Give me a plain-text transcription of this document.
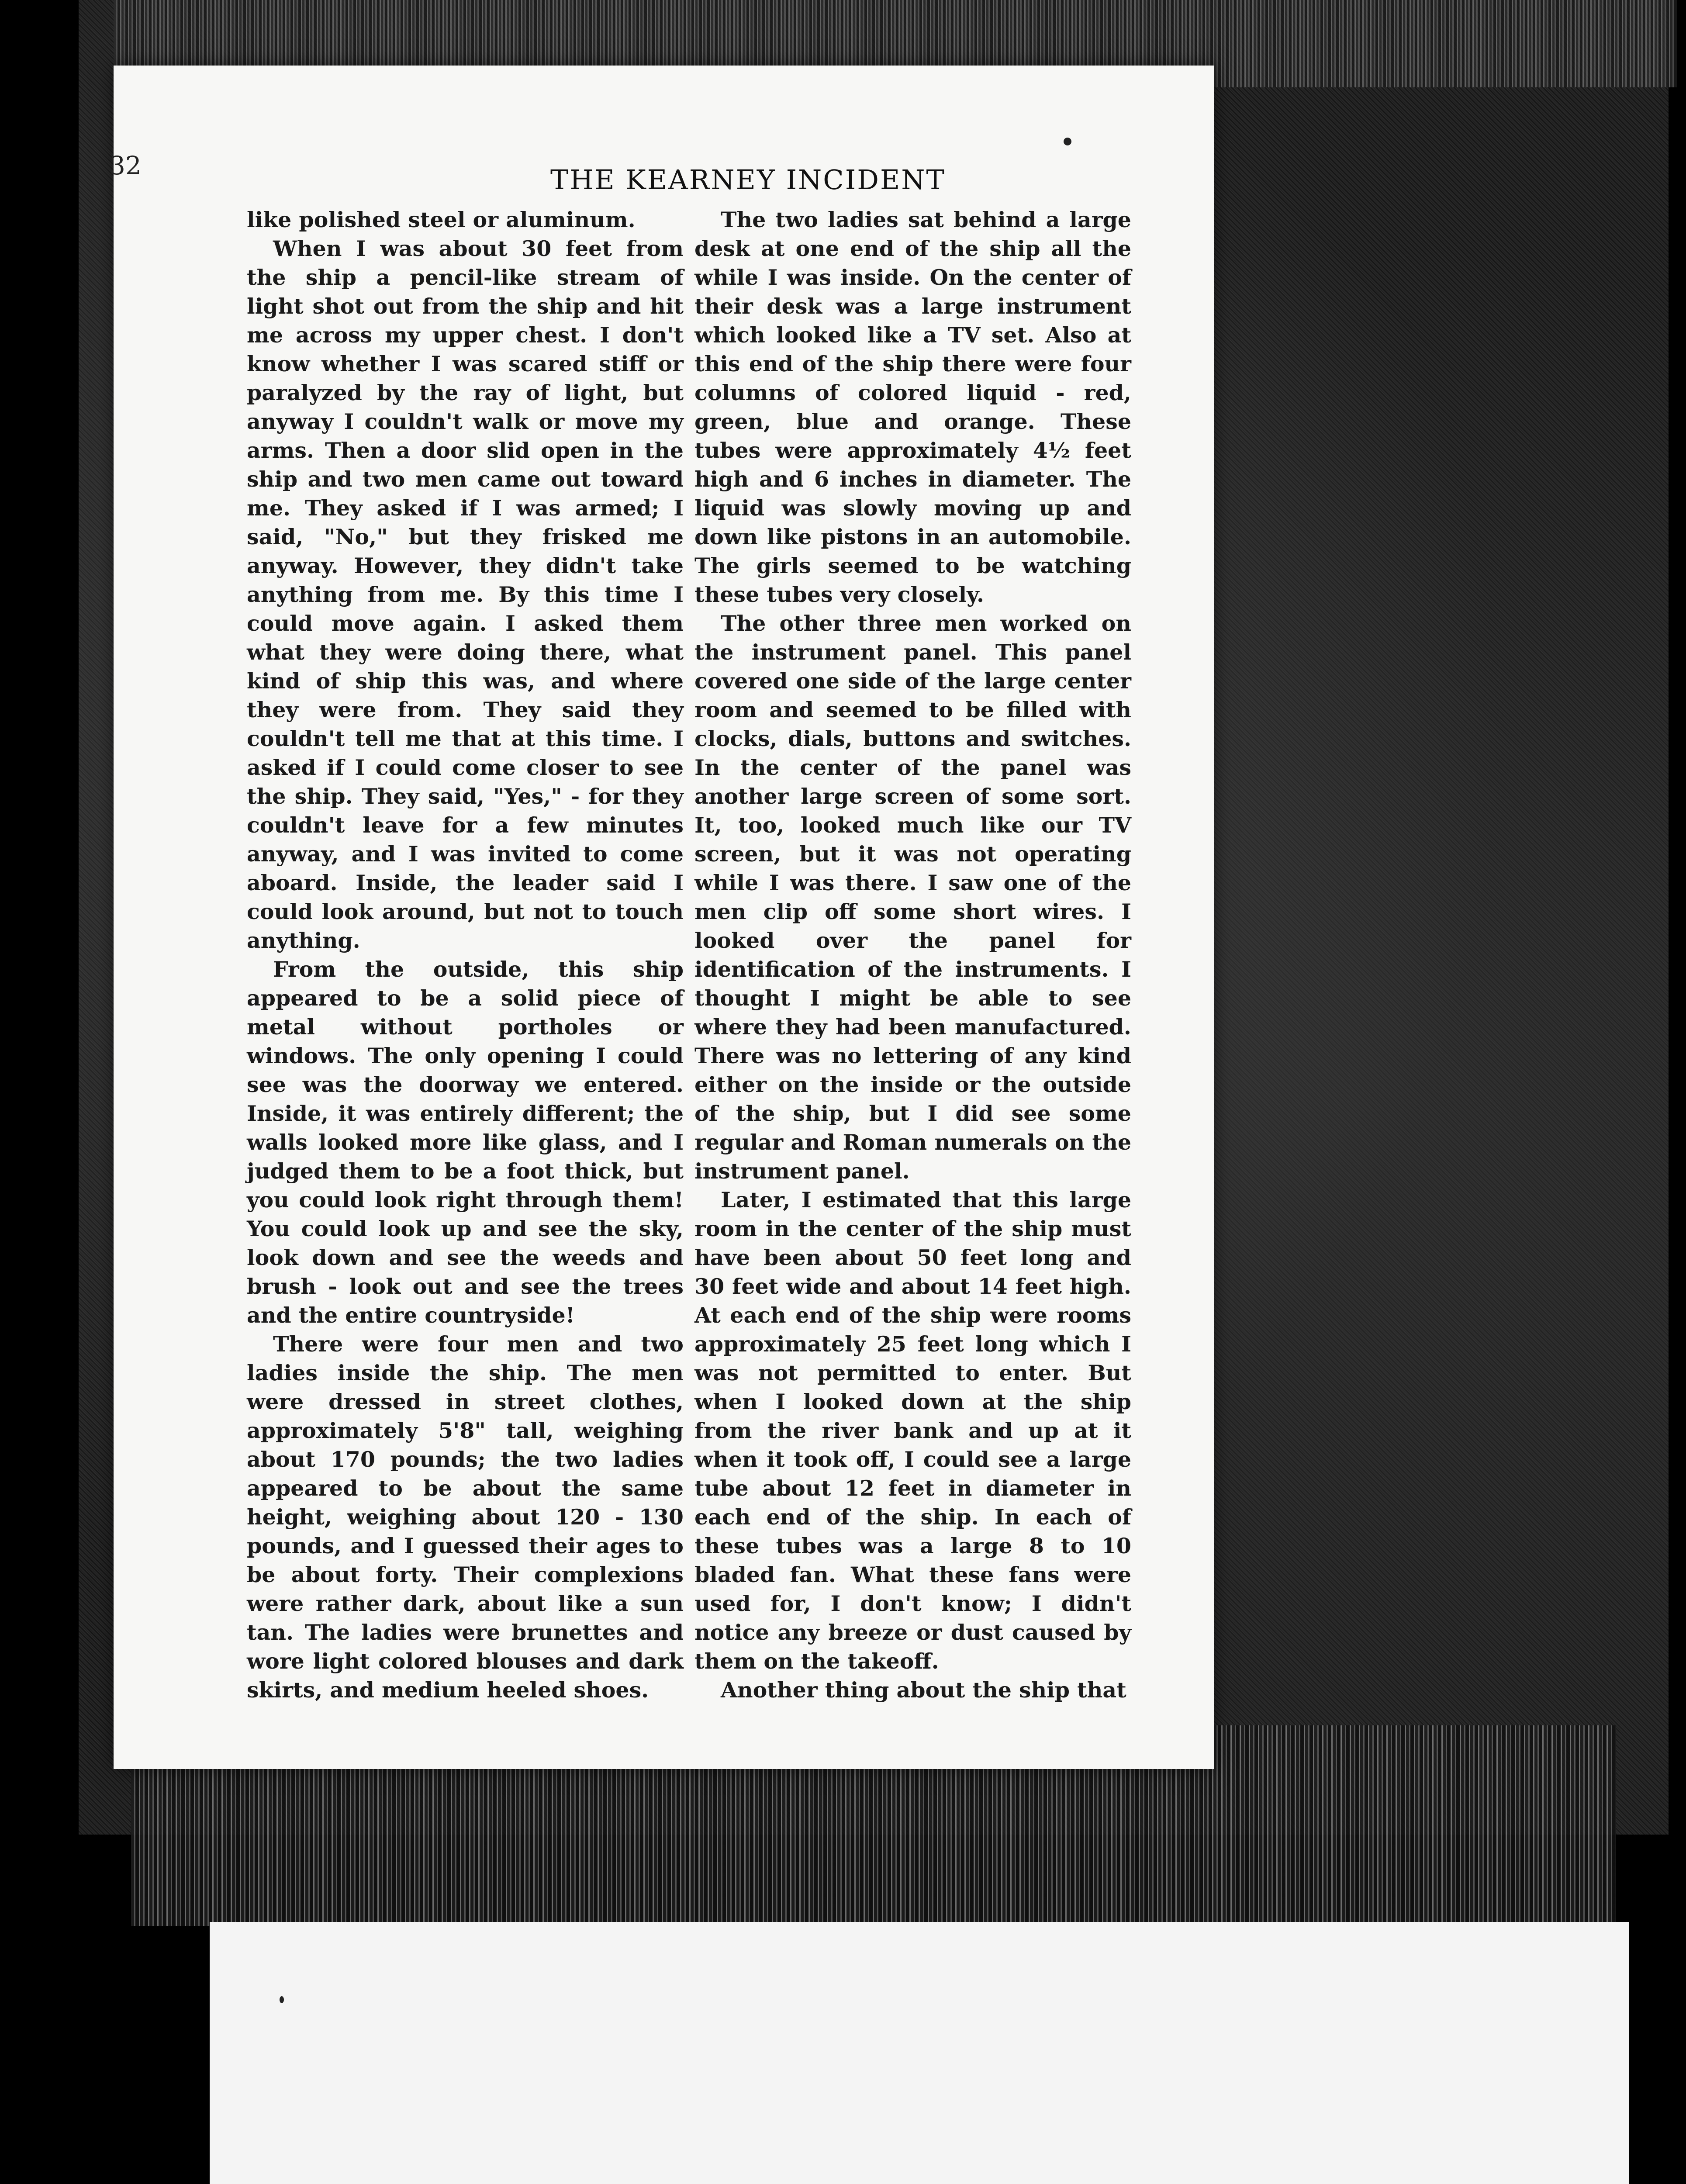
32	THE KEARNEY INCIDENT

like polished steel or aluminum.

When I was about 30 feet from the ship a pencil-like stream of light shot out from the ship and hit me across my upper chest. I don't know whether I was scared stiff or paralyzed by the ray of light, but anyway I couldn't walk or move my arms. Then a door slid open in the ship and two men came out toward me. They asked if I was armed; I said, "No," but they frisked me anyway. However, they didn't take anything from me. By this time I could move again. I asked them what they were doing there, what kind of ship this was, and where they were from. They said they couldn't tell me that at this time. I asked if I could come closer to see the ship. They said, "Yes," - for they couldn't leave for a few minutes anyway, and I was invited to come aboard. Inside, the leader said I could look around, but not to touch anything.

From the outside, this ship appeared to be a solid piece of metal without portholes or windows. The only opening I could see was the doorway we entered. Inside, it was entirely different; the walls looked more like glass, and I judged them to be a foot thick, but you could look right through them! You could look up and see the sky, look down and see the weeds and brush - look out and see the trees and the entire countryside!

There were four men and two ladies inside the ship. The men were dressed in street clothes, approximately 5'8" tall, weighing about 170 pounds; the two ladies appeared to be about the same height, weighing about 120 - 130 pounds, and I guessed their ages to be about forty. Their complexions were rather dark, about like a sun tan. The ladies were brunettes and wore light colored blouses and dark skirts, and medium heeled shoes.

The two ladies sat behind a large desk at one end of the ship all the while I was inside. On the center of their desk was a large instrument which looked like a TV set. Also at this end of the ship there were four columns of colored liquid - red, green, blue and orange. These tubes were approximately 4½ feet high and 6 inches in diameter. The liquid was slowly moving up and down like pistons in an automobile. The girls seemed to be watching these tubes very closely.

The other three men worked on the instrument panel. This panel covered one side of the large center room and seemed to be filled with clocks, dials, buttons and switches. In the center of the panel was another large screen of some sort. It, too, looked much like our TV screen, but it was not operating while I was there. I saw one of the men clip off some short wires. I looked over the panel for identification of the instruments. I thought I might be able to see where they had been manufactured. There was no lettering of any kind either on the inside or the outside of the ship, but I did see some regular and Roman numerals on the instrument panel.

Later, I estimated that this large room in the center of the ship must have been about 50 feet long and 30 feet wide and about 14 feet high. At each end of the ship were rooms approximately 25 feet long which I was not permitted to enter. But when I looked down at the ship from the river bank and up at it when it took off, I could see a large tube about 12 feet in diameter in each end of the ship. In each of these tubes was a large 8 to 10 bladed fan. What these fans were used for, I don't know; I didn't notice any breeze or dust caused by them on the takeoff.

Another thing about the ship that
